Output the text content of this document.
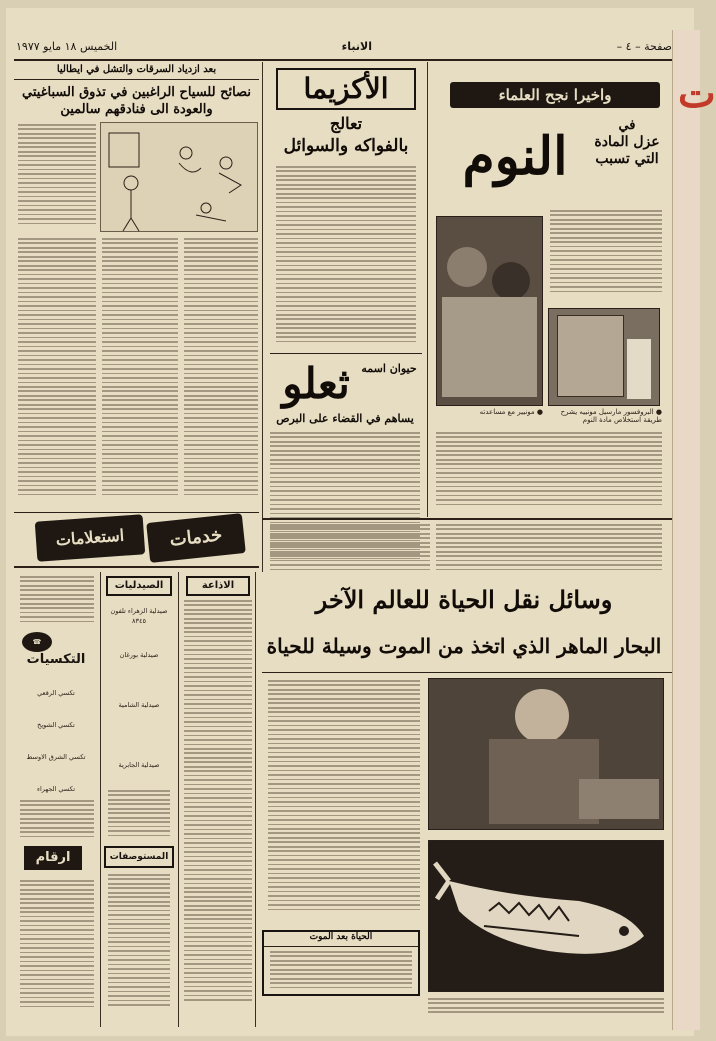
ت
صفحة – ٤ –
الانباء
الخميس ١٨ مايو ١٩٧٧
واخيرا نجح العلماء
النوم
في
عزل المادة التي تسبب
● مونيير مع مساعدته	● البروفسور مارسيل مونييه يشرح طريقة استخلاص مادة النوم
الأكزيما
تعالج
بالفواكه والسوائل
حيوان اسمه
ثعلو
يساهم في القضاء على البرص
بعد ازدياد السرقات والتشل في ايطاليا
نصائح للسياح الراغبين في تذوق السباغيتي والعودة الى فنادقهم سالمين
خدمات
استعلامات
الاذاعة
الصيدليات
صيدلية الزهراء تلفون ٨٣٤٥
صيدلية بورغان
صيدلية الشامية
صيدلية الجابرية
المستوصفات
☎
التكسيات
تكسي الرقعي
تكسي الشويخ
تكسي الشرق الاوسط
تكسي الجهراء
ارقام
وسائل نقل الحياة للعالم الآخر
البحار الماهر الذي اتخذ من الموت وسيلة للحياة
الحياة بعد الموت
